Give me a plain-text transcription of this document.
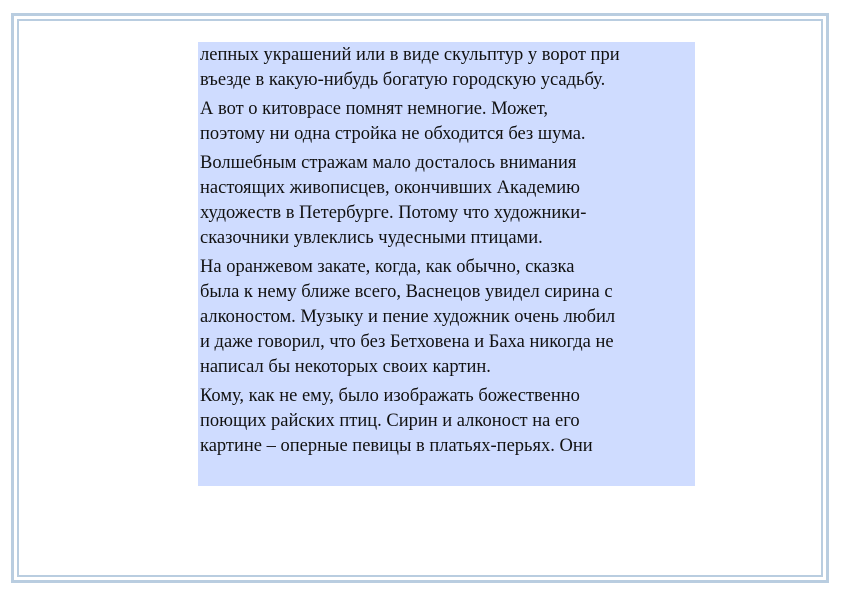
лепных украшений или в виде скульптур у ворот при
въезде в какую-нибудь богатую городскую усадьбу.

А вот о китоврасе помнят немногие. Может,
поэтому ни одна стройка не обходится без шума.

Волшебным стражам мало досталось внимания
настоящих живописцев, окончивших Академию
художеств в Петербурге. Потому что художники-
сказочники увлеклись чудесными птицами.

На оранжевом закате, когда, как обычно, сказка
была к нему ближе всего, Васнецов увидел сирина с
алконостом. Музыку и пение художник очень любил
и даже говорил, что без Бетховена и Баха никогда не
написал бы некоторых своих картин.

Кому, как не ему, было изображать божественно
поющих райских птиц. Сирин и алконост на его
картине – оперные певицы в платьях-перьях. Они
